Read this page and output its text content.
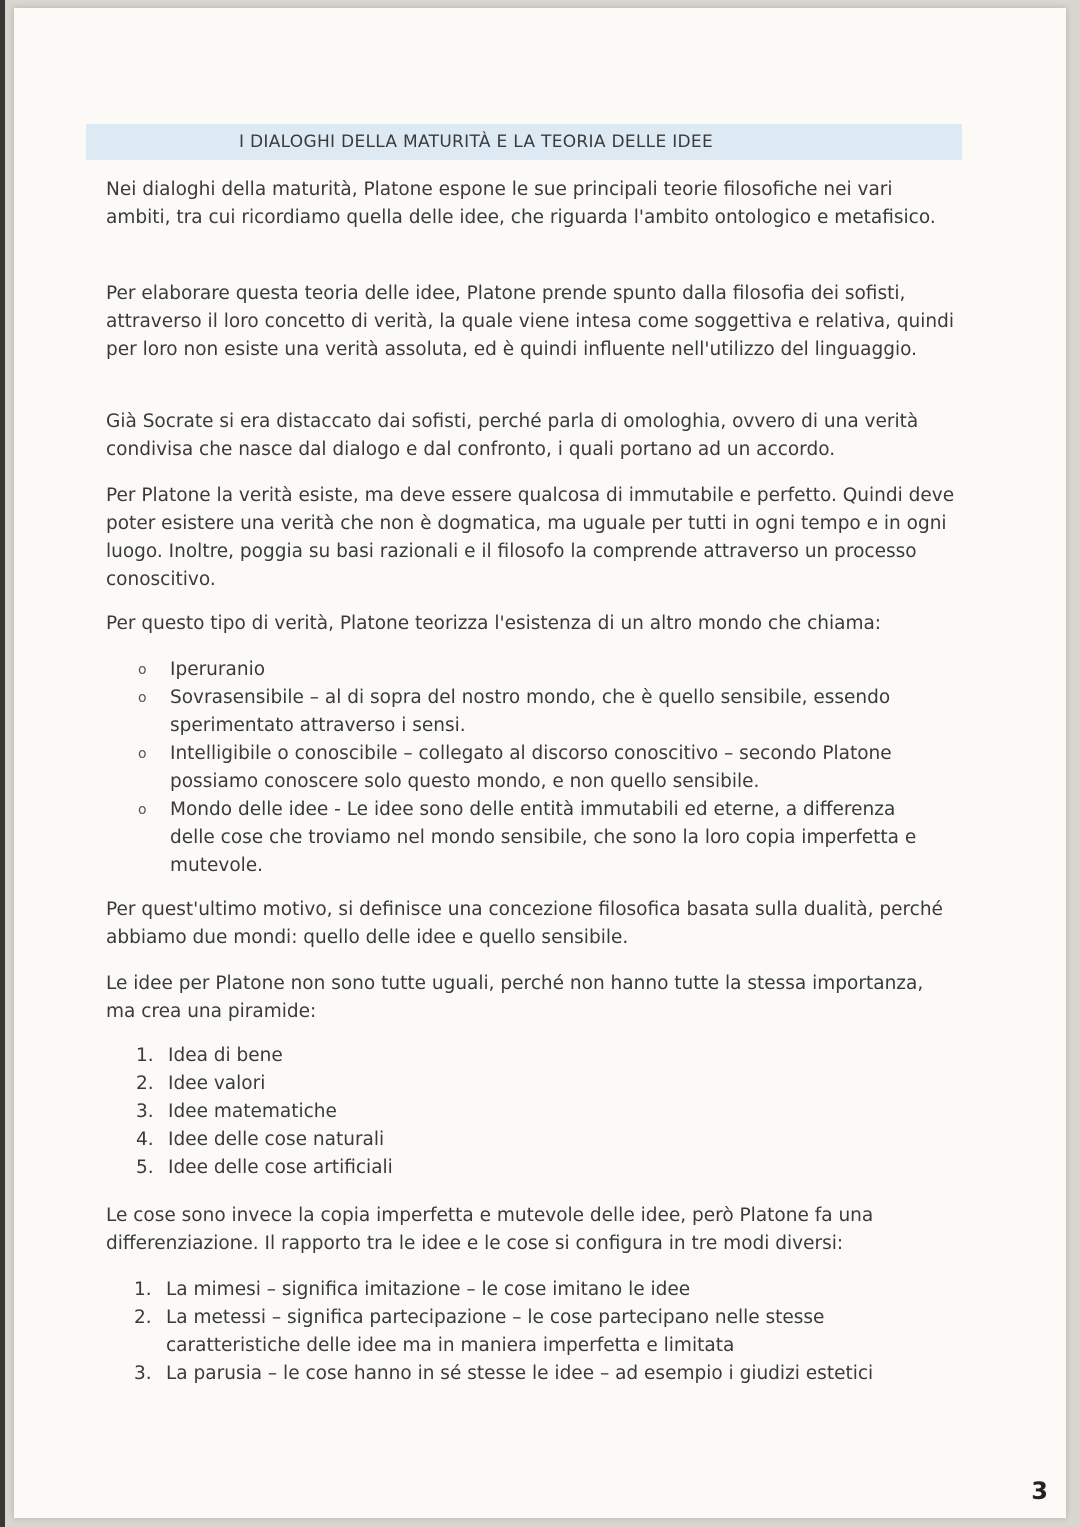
I DIALOGHI DELLA MATURITÀ E LA TEORIA DELLE IDEE

Nei dialoghi della maturità, Platone espone le sue principali teorie filosofiche nei vari ambiti, tra cui ricordiamo quella delle idee, che riguarda l'ambito ontologico e metafisico.

Per elaborare questa teoria delle idee, Platone prende spunto dalla filosofia dei sofisti, attraverso il loro concetto di verità, la quale viene intesa come soggettiva e relativa, quindi per loro non esiste una verità assoluta, ed è quindi influente nell'utilizzo del linguaggio.

Già Socrate si era distaccato dai sofisti, perché parla di omologhia, ovvero di una verità condivisa che nasce dal dialogo e dal confronto, i quali portano ad un accordo.

Per Platone la verità esiste, ma deve essere qualcosa di immutabile e perfetto. Quindi deve poter esistere una verità che non è dogmatica, ma uguale per tutti in ogni tempo e in ogni luogo. Inoltre, poggia su basi razionali e il filosofo la comprende attraverso un processo conoscitivo.

Per questo tipo di verità, Platone teorizza l'esistenza di un altro mondo che chiama:

o Iperuranio
o Sovrasensibile – al di sopra del nostro mondo, che è quello sensibile, essendo sperimentato attraverso i sensi.
o Intelligibile o conoscibile – collegato al discorso conoscitivo – secondo Platone possiamo conoscere solo questo mondo, e non quello sensibile.
o Mondo delle idee - Le idee sono delle entità immutabili ed eterne, a differenza delle cose che troviamo nel mondo sensibile, che sono la loro copia imperfetta e mutevole.

Per quest'ultimo motivo, si definisce una concezione filosofica basata sulla dualità, perché abbiamo due mondi: quello delle idee e quello sensibile.

Le idee per Platone non sono tutte uguali, perché non hanno tutte la stessa importanza, ma crea una piramide:

1. Idea di bene
2. Idee valori
3. Idee matematiche
4. Idee delle cose naturali
5. Idee delle cose artificiali

Le cose sono invece la copia imperfetta e mutevole delle idee, però Platone fa una differenziazione. Il rapporto tra le idee e le cose si configura in tre modi diversi:

1. La mimesi – significa imitazione – le cose imitano le idee
2. La metessi – significa partecipazione – le cose partecipano nelle stesse caratteristiche delle idee ma in maniera imperfetta e limitata
3. La parusia – le cose hanno in sé stesse le idee – ad esempio i giudizi estetici
3
